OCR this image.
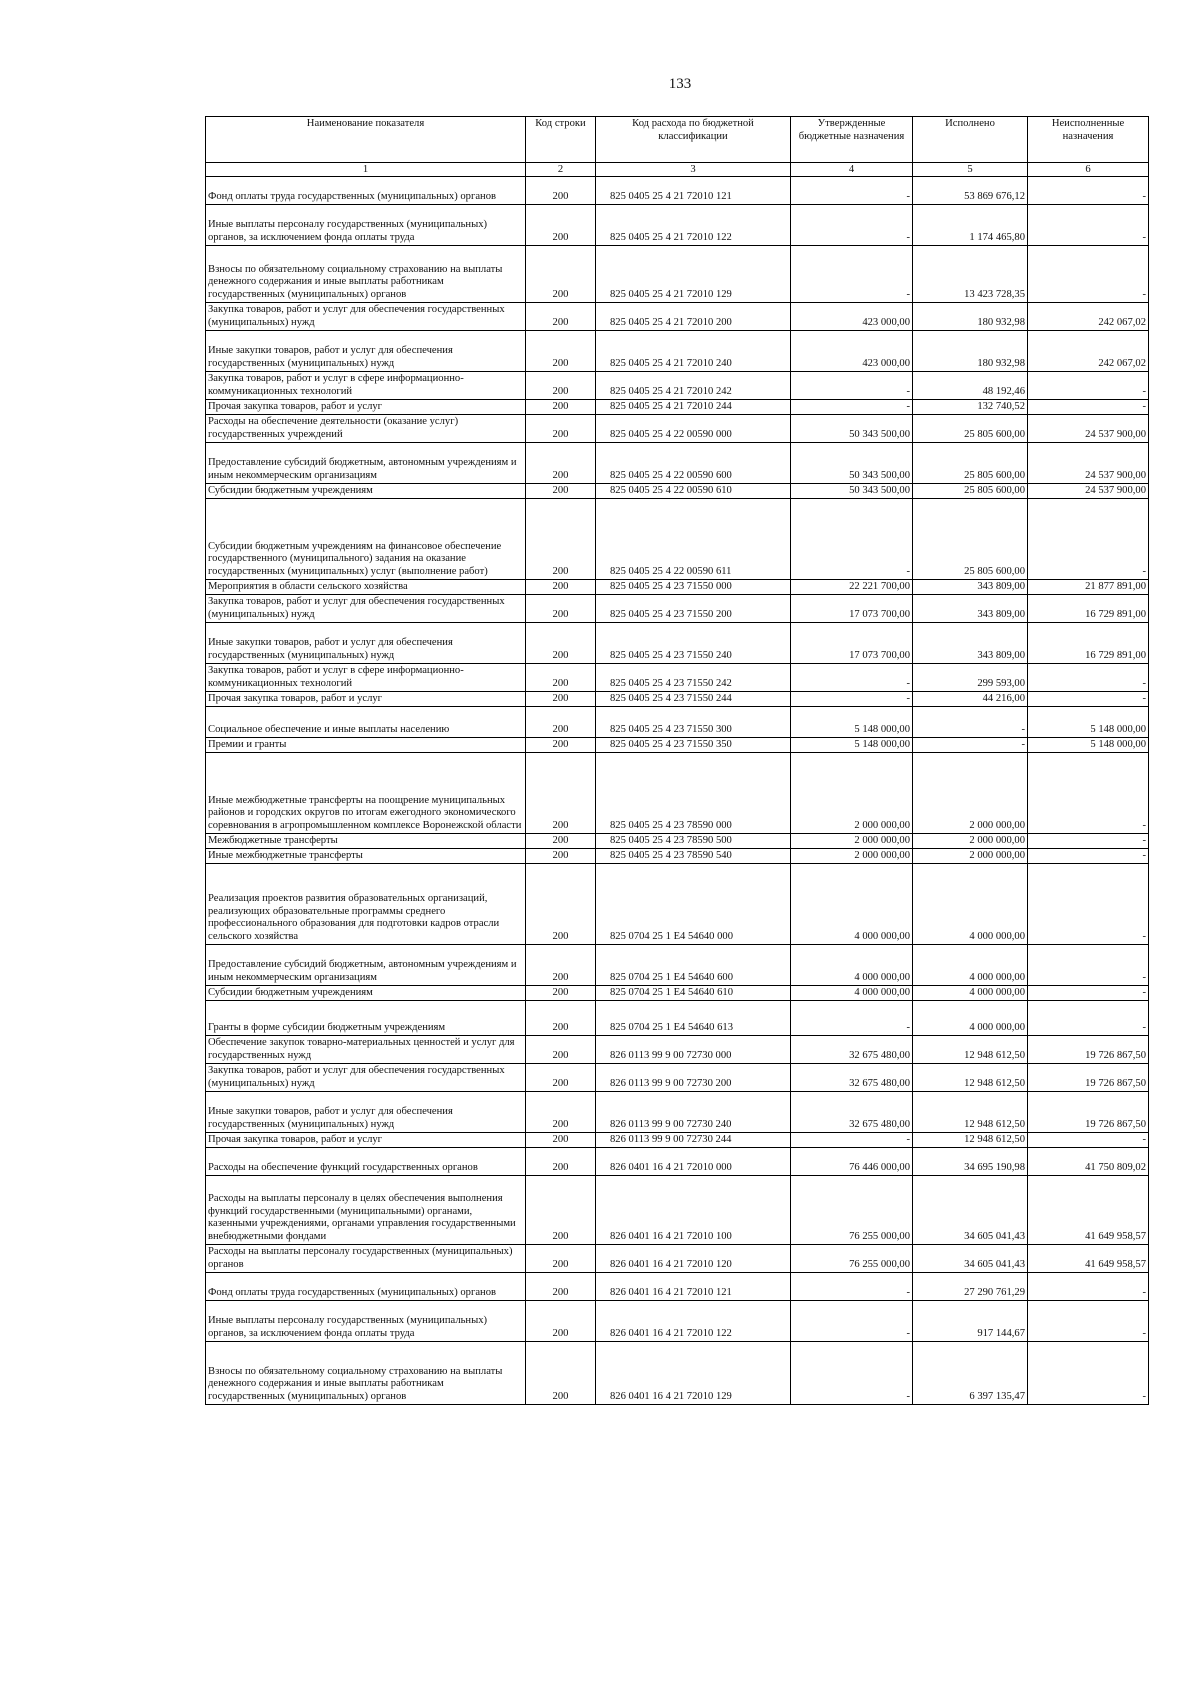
133
Наименование показателя	Код строки	Код расхода по бюджетной классификации	Утвержденные бюджетные назначения	Исполнено	Неисполненные назначения
1	2	3	4	5	6
Фонд оплаты труда государственных (муниципальных) органов	200	825 0405 25 4 21 72010 121	-	53 869 676,12	-
Иные выплаты персоналу государственных (муниципальных) органов, за исключением фонда оплаты труда	200	825 0405 25 4 21 72010 122	-	1 174 465,80	-
Взносы по обязательному социальному страхованию на выплаты денежного содержания и иные выплаты работникам государственных (муниципальных) органов	200	825 0405 25 4 21 72010 129	-	13 423 728,35	-
Закупка товаров, работ и услуг для обеспечения государственных (муниципальных) нужд	200	825 0405 25 4 21 72010 200	423 000,00	180 932,98	242 067,02
Иные закупки товаров, работ и услуг для обеспечения государственных (муниципальных) нужд	200	825 0405 25 4 21 72010 240	423 000,00	180 932,98	242 067,02
Закупка товаров, работ и услуг в сфере информационно-коммуникационных технологий	200	825 0405 25 4 21 72010 242	-	48 192,46	-
Прочая закупка товаров, работ и услуг	200	825 0405 25 4 21 72010 244	-	132 740,52	-
Расходы на обеспечение деятельности (оказание услуг) государственных учреждений	200	825 0405 25 4 22 00590 000	50 343 500,00	25 805 600,00	24 537 900,00
Предоставление субсидий бюджетным, автономным учреждениям и иным некоммерческим организациям	200	825 0405 25 4 22 00590 600	50 343 500,00	25 805 600,00	24 537 900,00
Субсидии бюджетным учреждениям	200	825 0405 25 4 22 00590 610	50 343 500,00	25 805 600,00	24 537 900,00
Субсидии бюджетным учреждениям на финансовое обеспечение государственного (муниципального) задания на оказание государственных (муниципальных) услуг (выполнение работ)	200	825 0405 25 4 22 00590 611	-	25 805 600,00	-
Мероприятия в области сельского хозяйства	200	825 0405 25 4 23 71550 000	22 221 700,00	343 809,00	21 877 891,00
Закупка товаров, работ и услуг для обеспечения государственных (муниципальных) нужд	200	825 0405 25 4 23 71550 200	17 073 700,00	343 809,00	16 729 891,00
Иные закупки товаров, работ и услуг для обеспечения государственных (муниципальных) нужд	200	825 0405 25 4 23 71550 240	17 073 700,00	343 809,00	16 729 891,00
Закупка товаров, работ и услуг в сфере информационно-коммуникационных технологий	200	825 0405 25 4 23 71550 242	-	299 593,00	-
Прочая закупка товаров, работ и услуг	200	825 0405 25 4 23 71550 244	-	44 216,00	-
Социальное обеспечение и иные выплаты населению	200	825 0405 25 4 23 71550 300	5 148 000,00	-	5 148 000,00
Премии и гранты	200	825 0405 25 4 23 71550 350	5 148 000,00	-	5 148 000,00
Иные межбюджетные трансферты на поощрение муниципальных районов и городских округов по итогам ежегодного экономического соревнования в агропромышленном комплексе Воронежской области	200	825 0405 25 4 23 78590 000	2 000 000,00	2 000 000,00	-
Межбюджетные трансферты	200	825 0405 25 4 23 78590 500	2 000 000,00	2 000 000,00	-
Иные межбюджетные трансферты	200	825 0405 25 4 23 78590 540	2 000 000,00	2 000 000,00	-
Реализация проектов развития образовательных организаций, реализующих образовательные программы среднего профессионального образования для подготовки кадров отрасли сельского хозяйства	200	825 0704 25 1 E4 54640 000	4 000 000,00	4 000 000,00	-
Предоставление субсидий бюджетным, автономным учреждениям и иным некоммерческим организациям	200	825 0704 25 1 E4 54640 600	4 000 000,00	4 000 000,00	-
Субсидии бюджетным учреждениям	200	825 0704 25 1 E4 54640 610	4 000 000,00	4 000 000,00	-
Гранты в форме субсидии бюджетным учреждениям	200	825 0704 25 1 E4 54640 613	-	4 000 000,00	-
Обеспечение закупок товарно-материальных ценностей и услуг для государственных нужд	200	826 0113 99 9 00 72730 000	32 675 480,00	12 948 612,50	19 726 867,50
Закупка товаров, работ и услуг для обеспечения государственных (муниципальных) нужд	200	826 0113 99 9 00 72730 200	32 675 480,00	12 948 612,50	19 726 867,50
Иные закупки товаров, работ и услуг для обеспечения государственных (муниципальных) нужд	200	826 0113 99 9 00 72730 240	32 675 480,00	12 948 612,50	19 726 867,50
Прочая закупка товаров, работ и услуг	200	826 0113 99 9 00 72730 244	-	12 948 612,50	-
Расходы на обеспечение функций государственных органов	200	826 0401 16 4 21 72010 000	76 446 000,00	34 695 190,98	41 750 809,02
Расходы на выплаты персоналу в целях обеспечения выполнения функций государственными (муниципальными) органами, казенными учреждениями, органами управления государственными внебюджетными фондами	200	826 0401 16 4 21 72010 100	76 255 000,00	34 605 041,43	41 649 958,57
Расходы на выплаты персоналу государственных (муниципальных) органов	200	826 0401 16 4 21 72010 120	76 255 000,00	34 605 041,43	41 649 958,57
Фонд оплаты труда государственных (муниципальных) органов	200	826 0401 16 4 21 72010 121	-	27 290 761,29	-
Иные выплаты персоналу государственных (муниципальных) органов, за исключением фонда оплаты труда	200	826 0401 16 4 21 72010 122	-	917 144,67	-
Взносы по обязательному социальному страхованию на выплаты денежного содержания и иные выплаты работникам государственных (муниципальных) органов	200	826 0401 16 4 21 72010 129	-	6 397 135,47	-
